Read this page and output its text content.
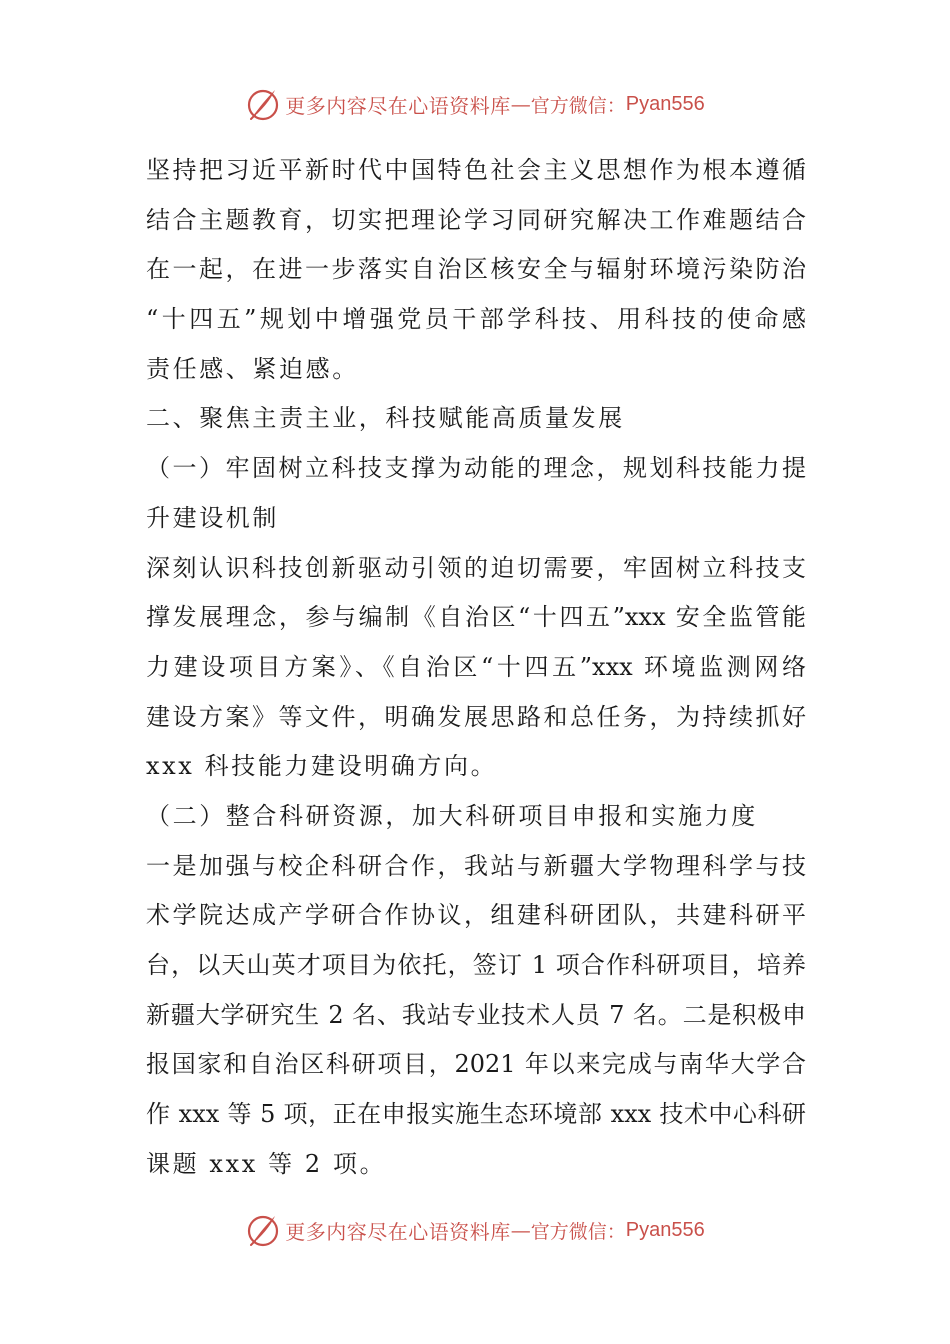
更多内容尽在心语资料库 — 官方微信： Pyan556
坚持把习近平新时代中国特色社会主义思想作为根本遵循
结合主题教育，切实把理论学习同研究解决工作难题结合
在一起，在进一步落实自治区核安全与辐射环境污染防治
“十四五”规划中增强党员干部学科技、用科技的使命感
责任感、紧迫感。
二、聚焦主责主业，科技赋能高质量发展
（一）牢固树立科技支撑为动能的理念，规划科技能力提
升建设机制
深刻认识科技创新驱动引领的迫切需要，牢固树立科技支
撑发展理念，参与编制《自治区“十四五”xxx 安全监管能
力建设项目方案》、《自治区“十四五”xxx 环境监测网络
建设方案》等文件，明确发展思路和总任务，为持续抓好
xxx 科技能力建设明确方向。
（二）整合科研资源，加大科研项目申报和实施力度
一是加强与校企科研合作，我站与新疆大学物理科学与技
术学院达成产学研合作协议，组建科研团队，共建科研平
台，以天山英才项目为依托，签订 1 项合作科研项目，培养
新疆大学研究生 2 名、我站专业技术人员 7 名。二是积极申
报国家和自治区科研项目，2021 年以来完成与南华大学合
作 xxx 等 5 项，正在申报实施生态环境部 xxx 技术中心科研
课题 xxx 等 2 项。
更多内容尽在心语资料库 — 官方微信： Pyan556
